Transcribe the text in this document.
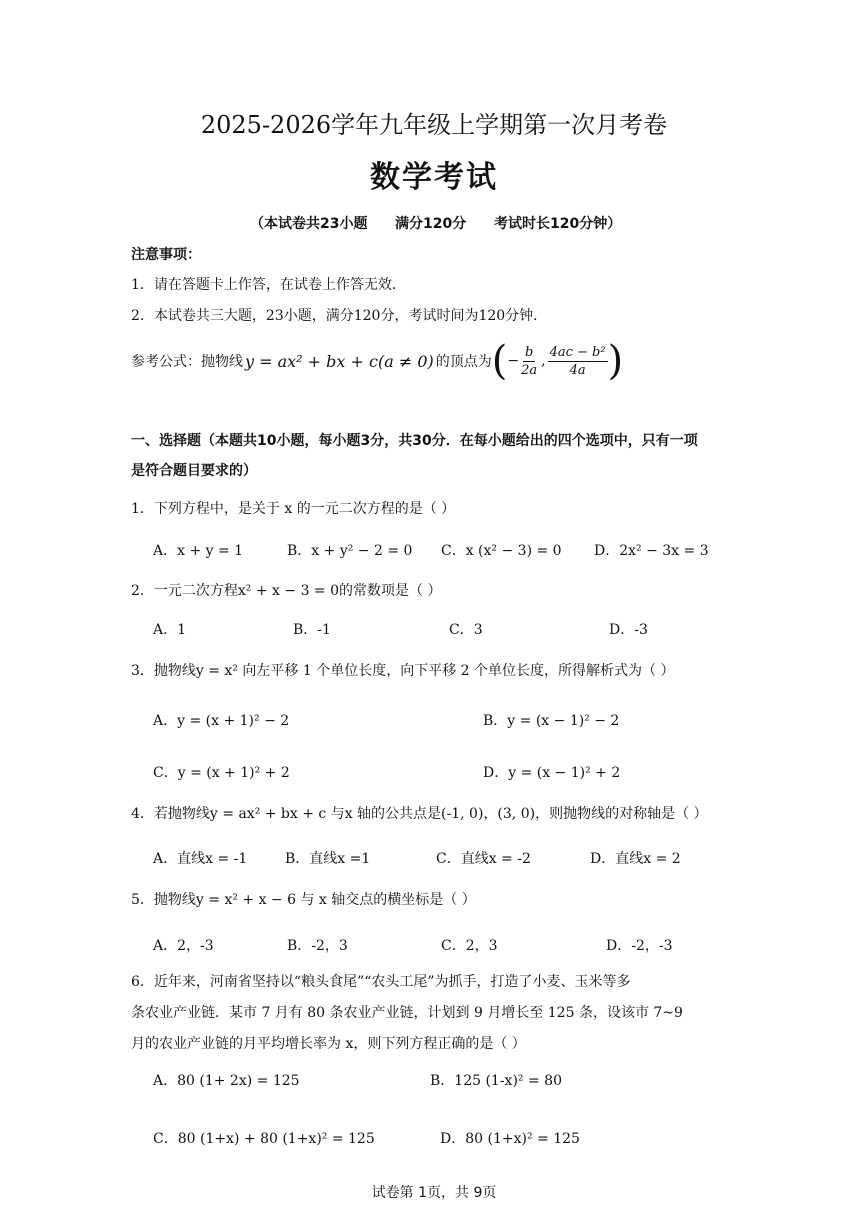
2025-2026学年九年级上学期第一次月考卷
数学考试
（本试卷共23小题 满分120分 考试时长120分钟）
注意事项：
1．请在答题卡上作答，在试卷上作答无效．
2．本试卷共三大题，23小题，满分120分，考试时间为120分钟．
参考公式：抛物线 y = ax² + bx + c(a ≠ 0) 的顶点为 ( − $\frac{b}{2a}$ , $\frac{\text{4ac − b²}}{4a}$ )
一、选择题（本题共10小题，每小题3分，共30分．在每小题给出的四个选项中，只有一项
是符合题目要求的）
1．下列方程中，是关于 x 的一元二次方程的是（ ）
A．x + y = 1	B．x + y² − 2 = 0 C．x (x² − 3) = 0 D．2x² − 3x = 3
2．一元二次方程x² + x − 3 = 0的常数项是（ ）
A．1	B．-1	C．3	D．-3
3．抛物线y = x² 向左平移 1 个单位长度，向下平移 2 个单位长度，所得解析式为（ ）
A．y = (x + 1)² − 2	B．y = (x − 1)² − 2
C．y = (x + 1)² + 2	D．y = (x − 1)² + 2
4．若抛物线y = ax² + bx + c 与x 轴的公共点是(-1, 0)，(3, 0)，则抛物线的对称轴是（ ）
A．直线x = -1	B．直线x =1	C．直线x = -2	D．直线x = 2
5．抛物线y = x² + x − 6 与 x 轴交点的横坐标是（ ）
A．2，-3	B．-2，3	C．2，3	D．-2，-3
6．近年来，河南省坚持以“粮头食尾”“农头工尾”为抓手，打造了小麦、玉米等多
条农业产业链．某市 7 月有 80 条农业产业链，计划到 9 月增长至 125 条，设该市 7~9
月的农业产业链的月平均增长率为 x，则下列方程正确的是（ ）
A．80 (1+ 2x) = 125	B．125 (1-x)² = 80
C．80 (1+x) + 80 (1+x)² = 125	D．80 (1+x)² = 125
试卷第 1页，共 9页
